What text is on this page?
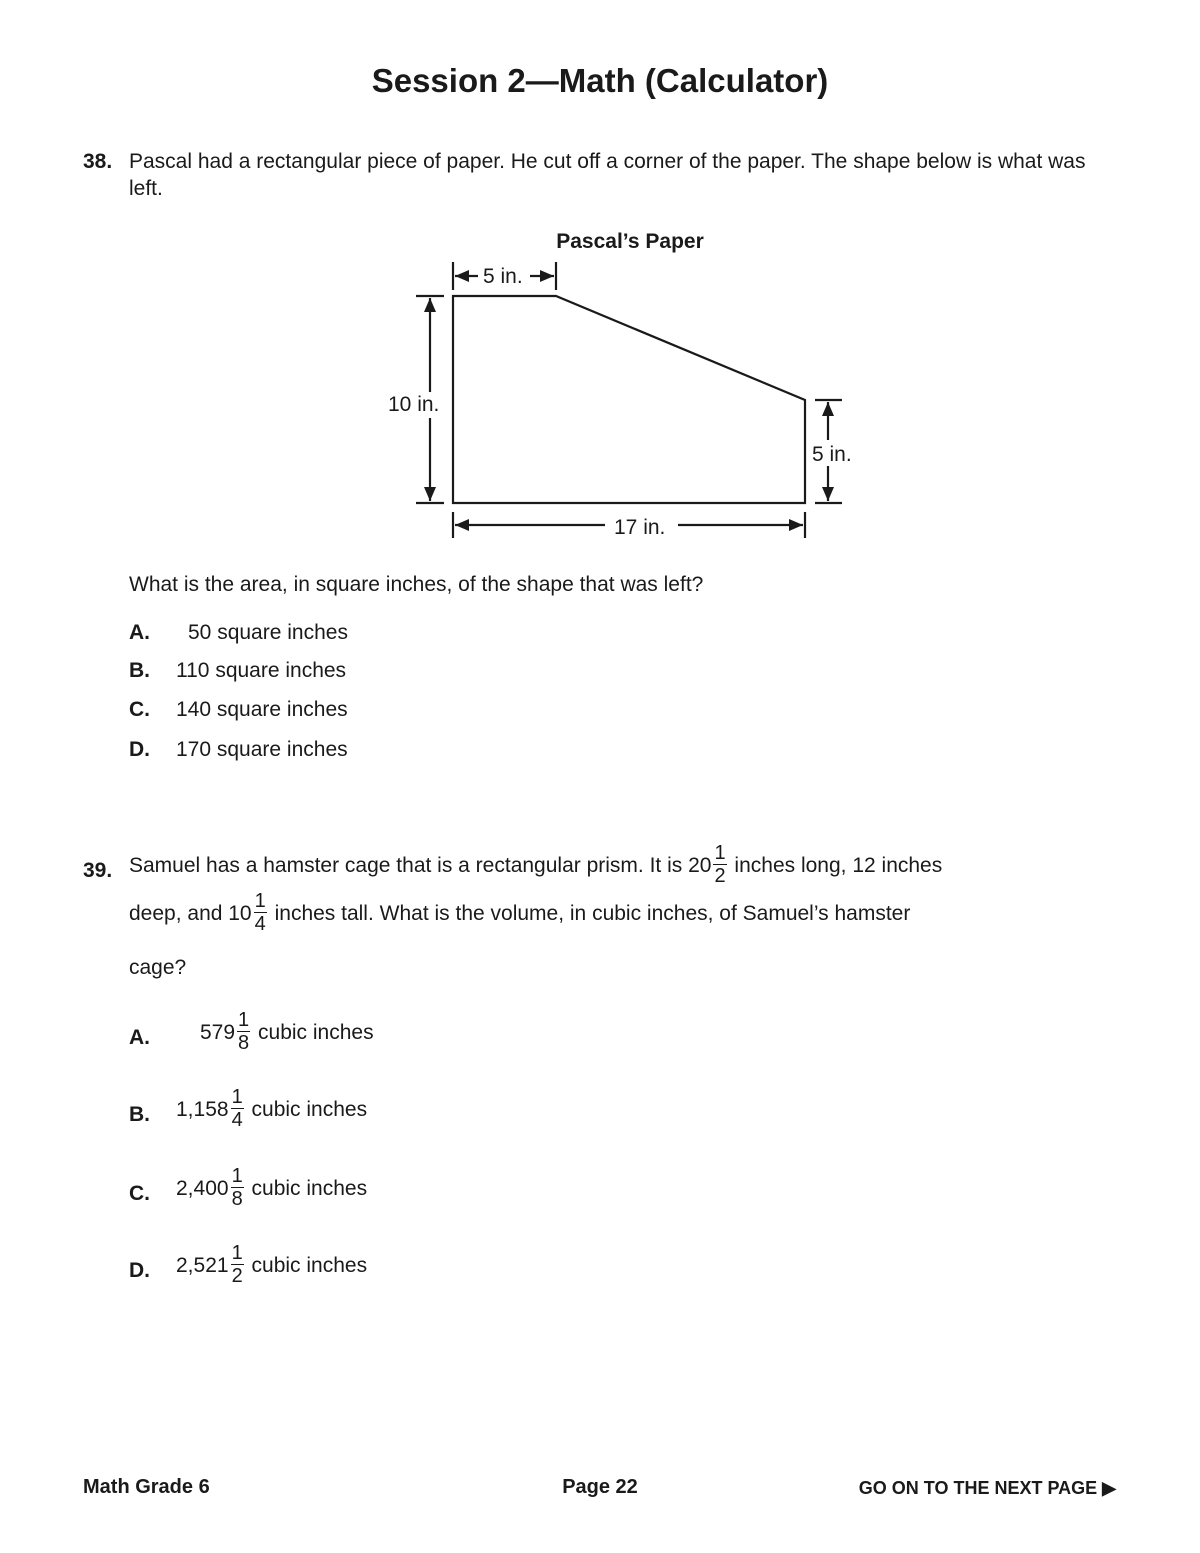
Session 2—Math (Calculator)
38. Pascal had a rectangular piece of paper. He cut off a corner of the paper. The shape below is what was left.
Pascal’s Paper
5 in.
10 in.
5 in.
17 in.
What is the area, in square inches, of the shape that was left?
A. 50 square inches
B. 110 square inches
C. 140 square inches
D. 170 square inches
39. Samuel has a hamster cage that is a rectangular prism. It is $20 \frac{1}{2}$ inches long, 12 inches
deep, and $10 \frac{1}{4}$ inches tall. What is the volume, in cubic inches, of Samuel’s hamster
cage?
A. $579 \frac{1}{8}$ cubic inches
B. $1,158 \frac{1}{4}$ cubic inches
C. $2,400 \frac{1}{8}$ cubic inches
D. $2,521 \frac{1}{2}$ cubic inches
Math Grade 6	Page 22	GO ON TO THE NEXT PAGE ▶
